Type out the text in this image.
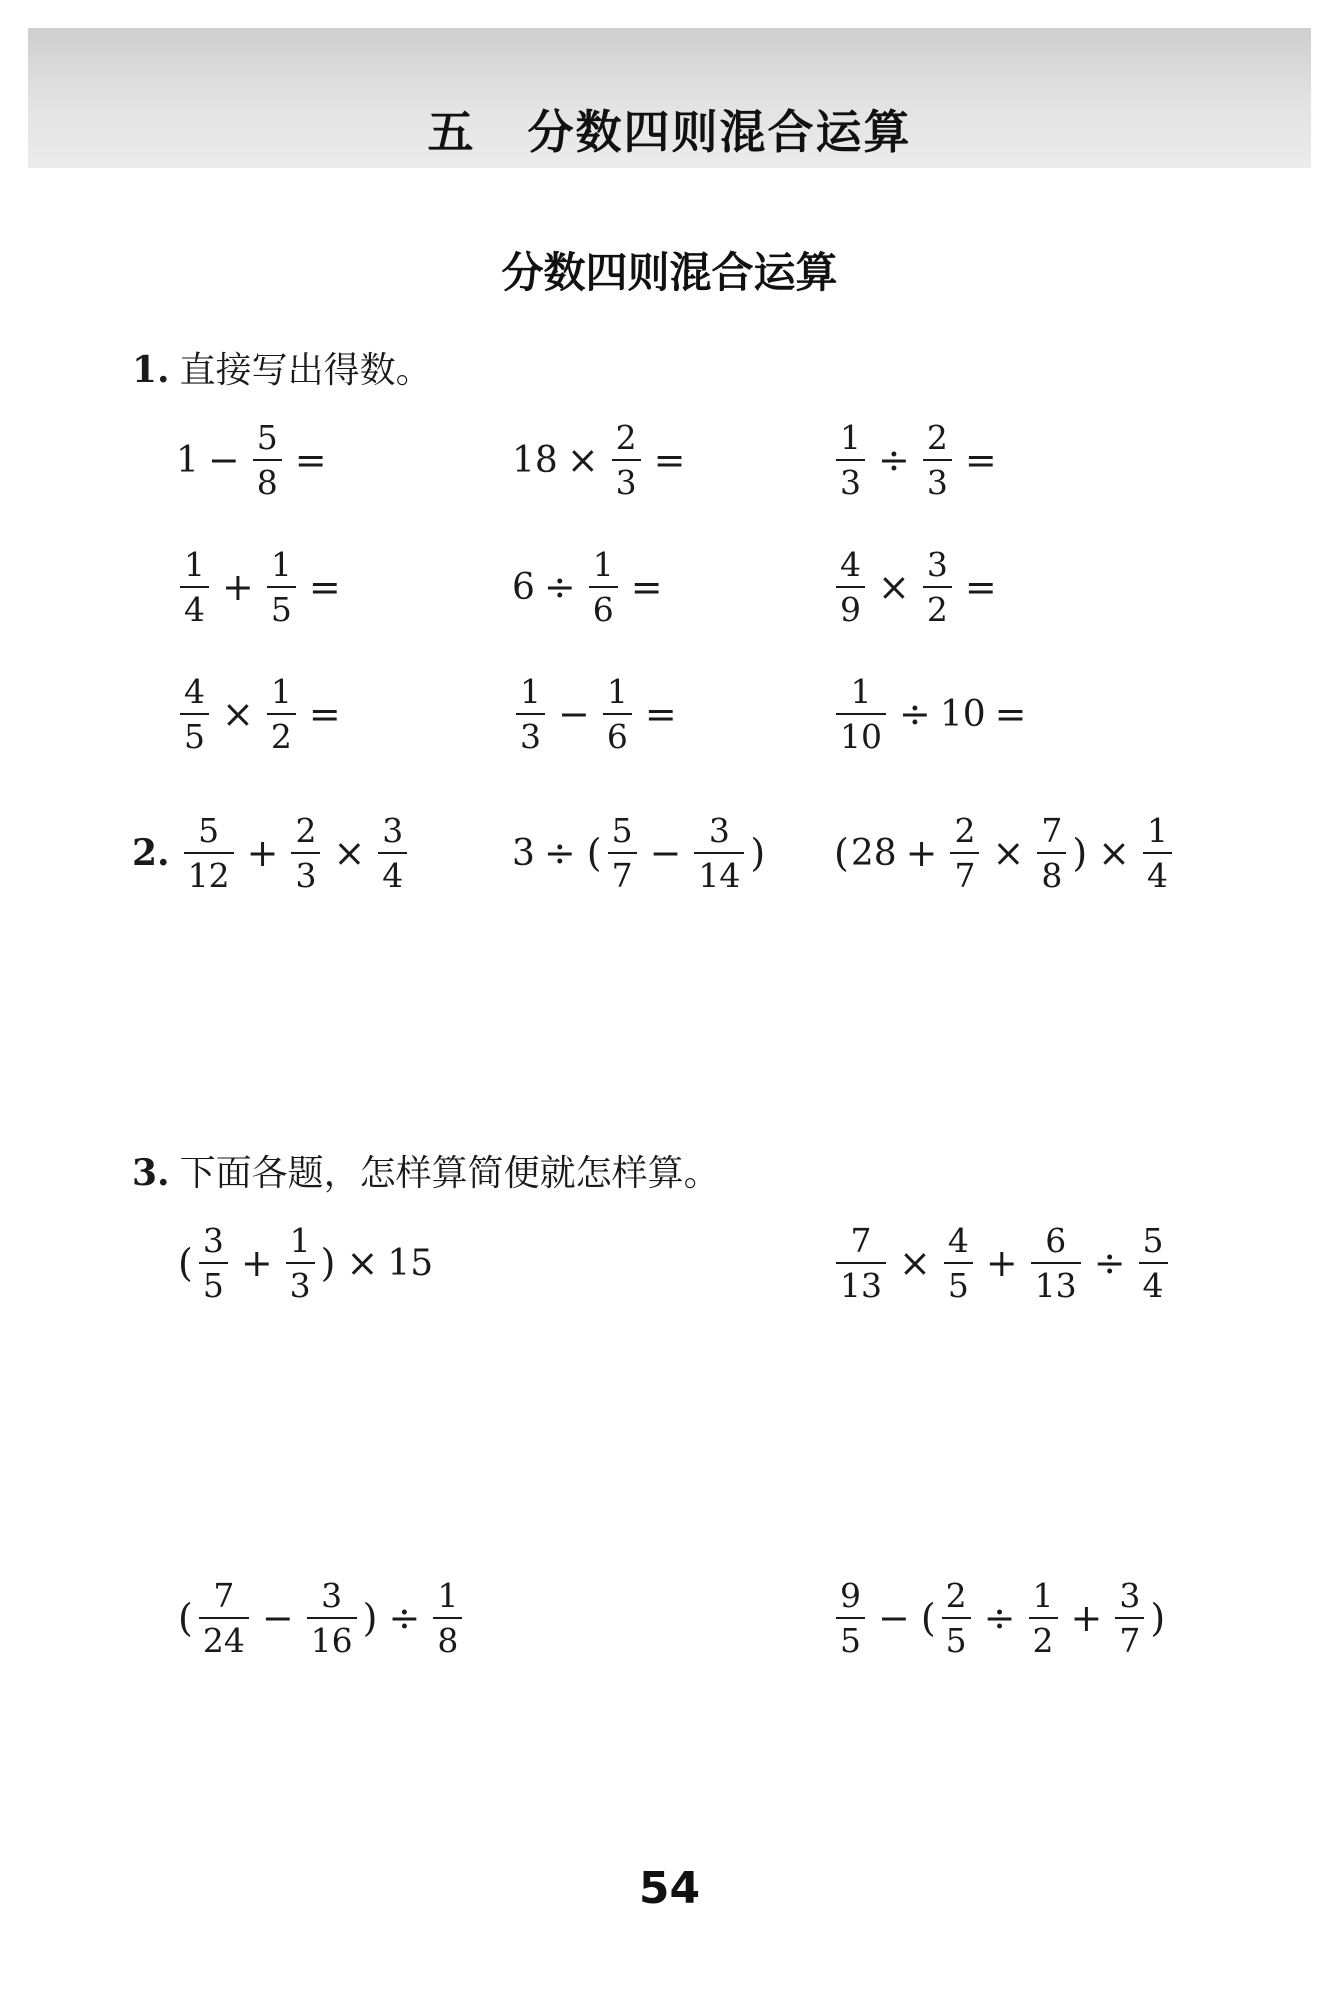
五 分数四则混合运算
分数四则混合运算
1. 直接写出得数。
$1 - \frac{5}{8}$ =	$18 \times \frac{2}{3}$ =	$\frac{1}{3} \div \frac{2}{3}$ =
$\frac{1}{4} + \frac{1}{5}$ =	$6 \div \frac{1}{6}$ =	$\frac{4}{9} \times \frac{3}{2}$ =
$\frac{4}{5} \times \frac{1}{2}$ =	$\frac{1}{3} - \frac{1}{6}$ =	$\frac{1}{10} \div 10$ =
2. $\frac{5}{12} + \frac{2}{3} \times \frac{3}{4}$	3 ÷ ( $\frac{5}{7} - \frac{3}{14}$ ) ( $28 + \frac{2}{7} \times \frac{7}{8}$ ) × $\frac{1}{4}$
3. 下面各题，怎样算简便就怎样算。
( $\frac{3}{5} + \frac{1}{3}$ ) × 15	$\frac{7}{13} \times \frac{4}{5} + \frac{6}{13} \div \frac{5}{4}$
( $\frac{7}{24} - \frac{3}{16}$ ) ÷ $\frac{1}{8}$	$\frac{9}{5}$ − ( $\frac{2}{5} \div \frac{1}{2} + \frac{3}{7}$ )
54
